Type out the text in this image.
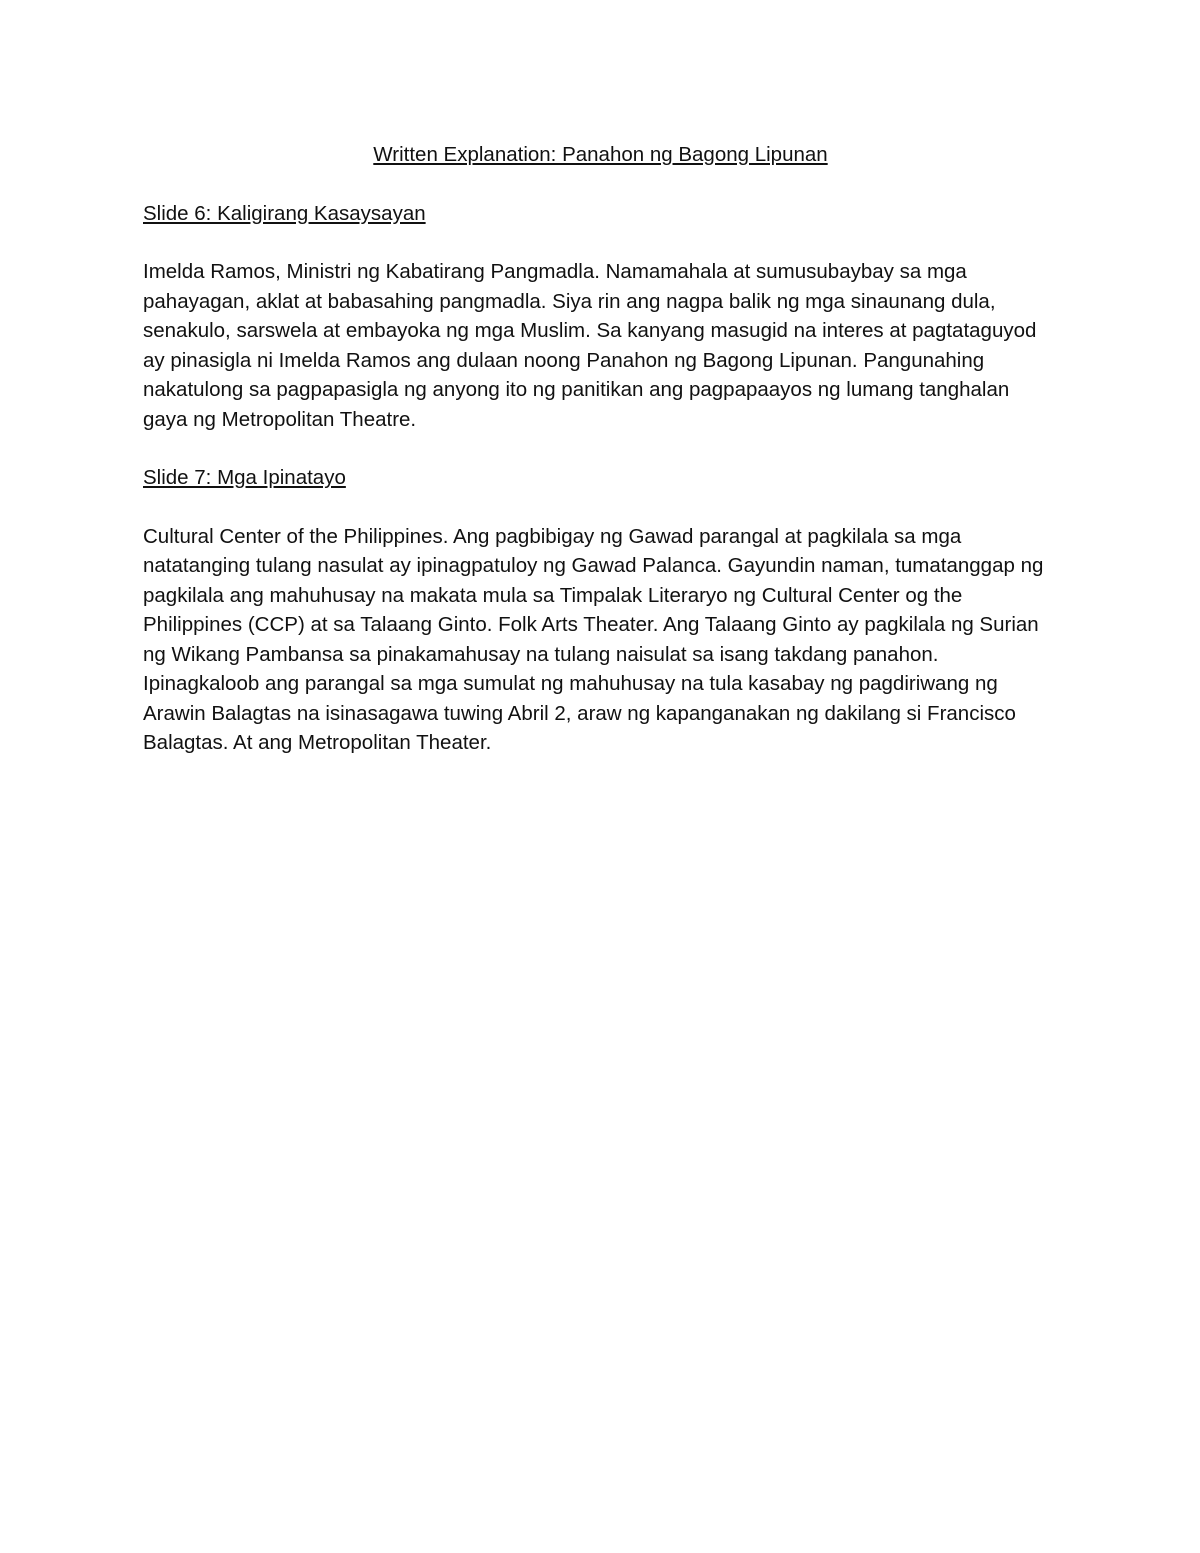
Written Explanation: Panahon ng Bagong Lipunan
Slide 6: Kaligirang Kasaysayan

Imelda Ramos, Ministri ng Kabatirang Pangmadla. Namamahala at sumusubaybay sa mga pahayagan, aklat at babasahing pangmadla. Siya rin ang nagpa balik ng mga sinaunang dula, senakulo, sarswela at embayoka ng mga Muslim. Sa kanyang masugid na interes at pagtataguyod ay pinasigla ni Imelda Ramos ang dulaan noong Panahon ng Bagong Lipunan. Pangunahing nakatulong sa pagpapasigla ng anyong ito ng panitikan ang pagpapaayos ng lumang tanghalan gaya ng Metropolitan Theatre.

Slide 7: Mga Ipinatayo

Cultural Center of the Philippines. Ang pagbibigay ng Gawad parangal at pagkilala sa mga natatanging tulang nasulat ay ipinagpatuloy ng Gawad Palanca. Gayundin naman, tumatanggap ng pagkilala ang mahuhusay na makata mula sa Timpalak Literaryo ng Cultural Center og the Philippines (CCP) at sa Talaang Ginto. Folk Arts Theater. Ang Talaang Ginto ay pagkilala ng Surian ng Wikang Pambansa sa pinakamahusay na tulang naisulat sa isang takdang panahon. Ipinagkaloob ang parangal sa mga sumulat ng mahuhusay na tula kasabay ng pagdiriwang ng Arawin Balagtas na isinasagawa tuwing Abril 2, araw ng kapanganakan ng dakilang si Francisco Balagtas. At ang Metropolitan Theater.
